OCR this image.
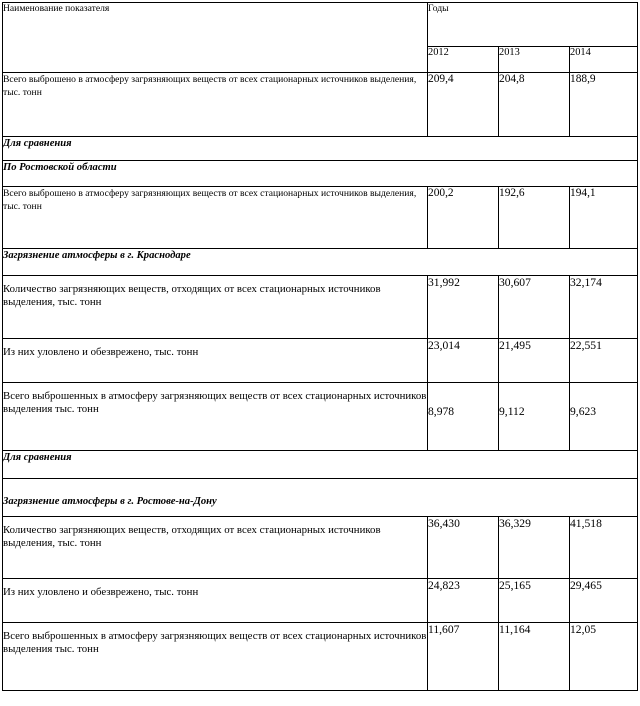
Наименование показателя	Годы		
	2012	2013	2014
Всего выброшено в атмосферу загрязняющих веществ от всех стационарных источников выделения, тыс. тонн	209,4	204,8	188,9
Для сравнения			
По Ростовской области			
Всего выброшено в атмосферу загрязняющих веществ от всех стационарных источников выделения, тыс. тонн	200,2	192,6	194,1
Загрязнение атмосферы в г. Краснодаре			
Количество загрязняющих веществ, отходящих от всех стационарных источников выделения, тыс. тонн	31,992	30,607	32,174
Из них уловлено и обезврежено, тыс. тонн	23,014	21,495	22,551
Всего выброшенных в атмосферу загрязняющих веществ от всех стационарных источников выделения тыс. тонн	8,978	9,112	9,623
Для сравнения			
Загрязнение атмосферы в г. Ростове-на-Дону			
Количество загрязняющих веществ, отходящих от всех стационарных источников выделения, тыс. тонн	36,430	36,329	41,518
Из них уловлено и обезврежено, тыс. тонн	24,823	25,165	29,465
Всего выброшенных в атмосферу загрязняющих веществ от всех стационарных источников выделения тыс. тонн	11,607	11,164	12,05
